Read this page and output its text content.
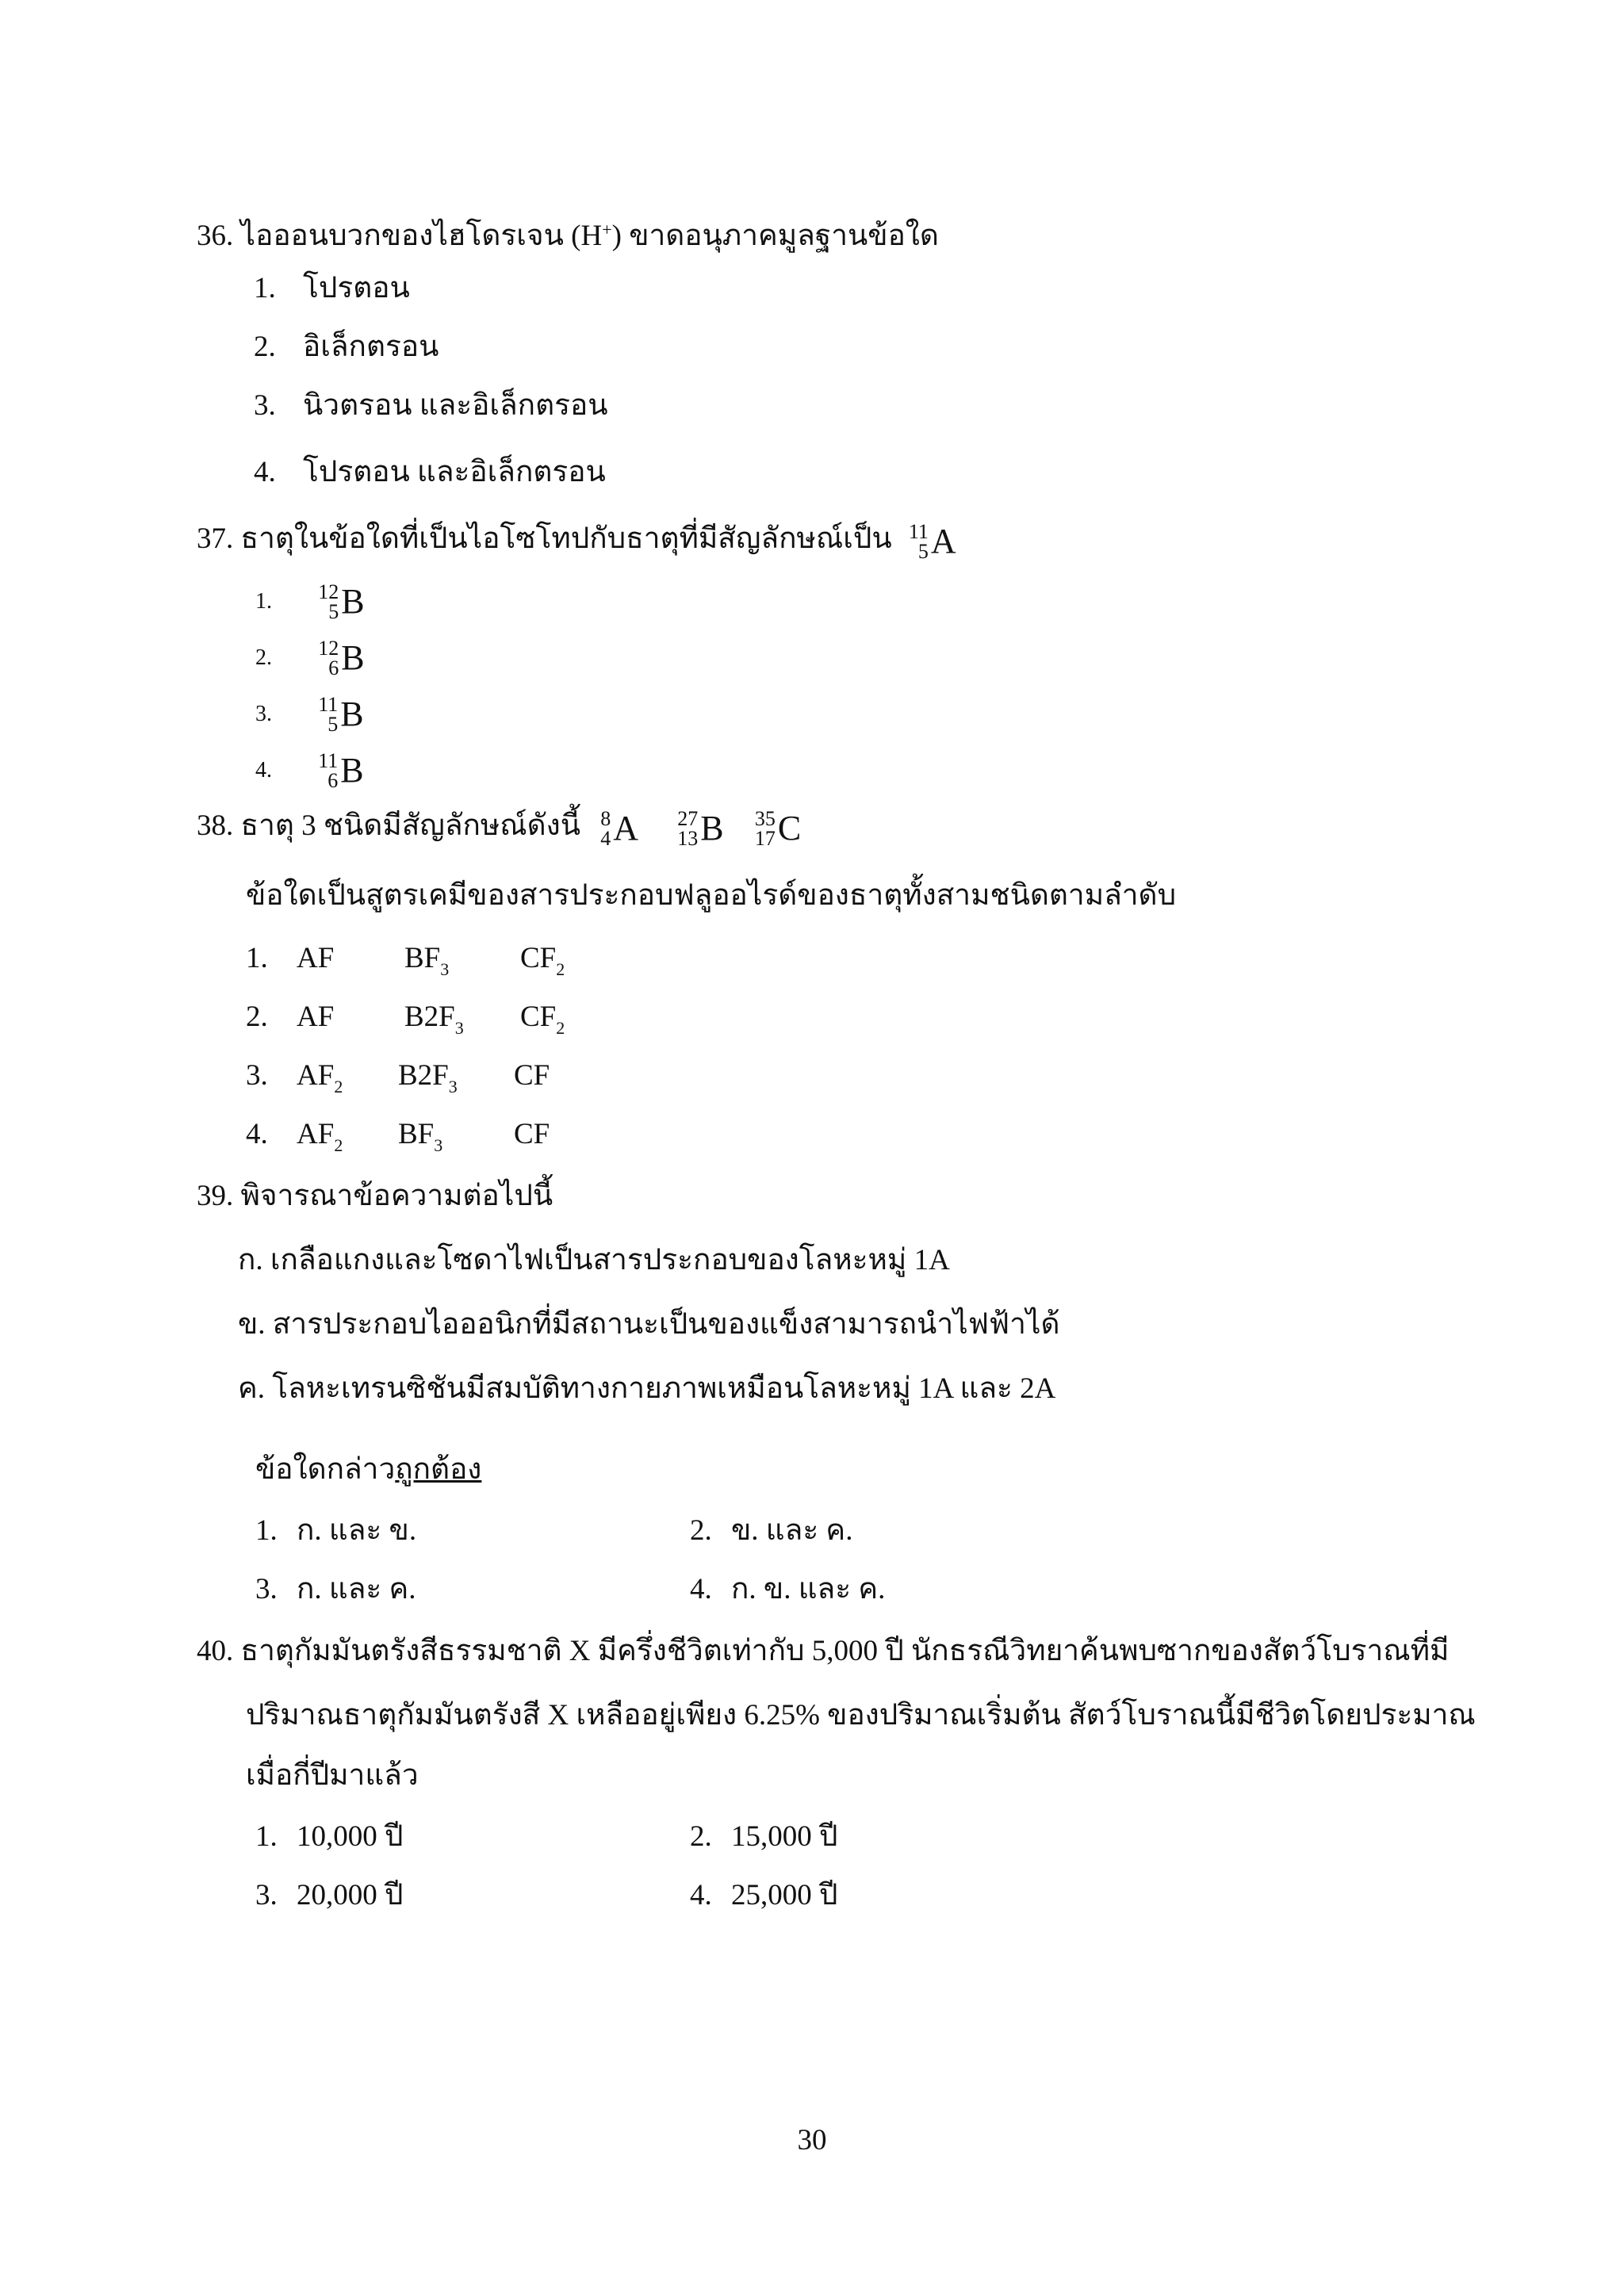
36. ไอออนบวกของไฮโดรเจน (H+) ขาดอนุภาคมูลฐานข้อใด
1. โปรตอน
2. อิเล็กตรอน
3. นิวตรอน และอิเล็กตรอน
4. โปรตอน และอิเล็กตรอน
37. ธาตุในข้อใดที่เป็นไอโซโทปกับธาตุที่มีสัญลักษณ์เป็น 11
5 A
1. 12
5 B
2. 12
6 B
3. 11
5 B
4. 11
6 B
38. ธาตุ 3 ชนิดมีสัญลักษณ์ดังนี้ 8
4 A
27
13 B
35
17 C
ข้อใดเป็นสูตรเคมีของสารประกอบฟลูออไรด์ของธาตุทั้งสามชนิดตามลำดับ
1. AF $BF_3$ $CF_2$
2. AF $B2F_3$ $CF_2$
3. $AF_2$ $B2F_3$ CF
4. $AF_2$ $BF_3$ CF
39. พิจารณาข้อความต่อไปนี้
ก. เกลือแกงและโซดาไฟเป็นสารประกอบของโลหะหมู่ 1A
ข. สารประกอบไอออนิกที่มีสถานะเป็นของแข็งสามารถนำไฟฟ้าได้
ค. โลหะเทรนซิชันมีสมบัติทางกายภาพเหมือนโลหะหมู่ 1A และ 2A
ข้อใดกล่าวถูกต้อง
1. ก. และ ข.	2. ข. และ ค.
3. ก. และ ค.	4. ก. ข. และ ค.
40. ธาตุกัมมันตรังสีธรรมชาติ X มีครึ่งชีวิตเท่ากับ 5,000 ปี นักธรณีวิทยาค้นพบซากของสัตว์โบราณที่มี
ปริมาณธาตุกัมมันตรังสี X เหลืออยู่เพียง 6.25% ของปริมาณเริ่มต้น สัตว์โบราณนี้มีชีวิตโดยประมาณ
เมื่อกี่ปีมาแล้ว
1. 10,000 ปี	2. 15,000 ปี
3. 20,000 ปี	4. 25,000 ปี
30
